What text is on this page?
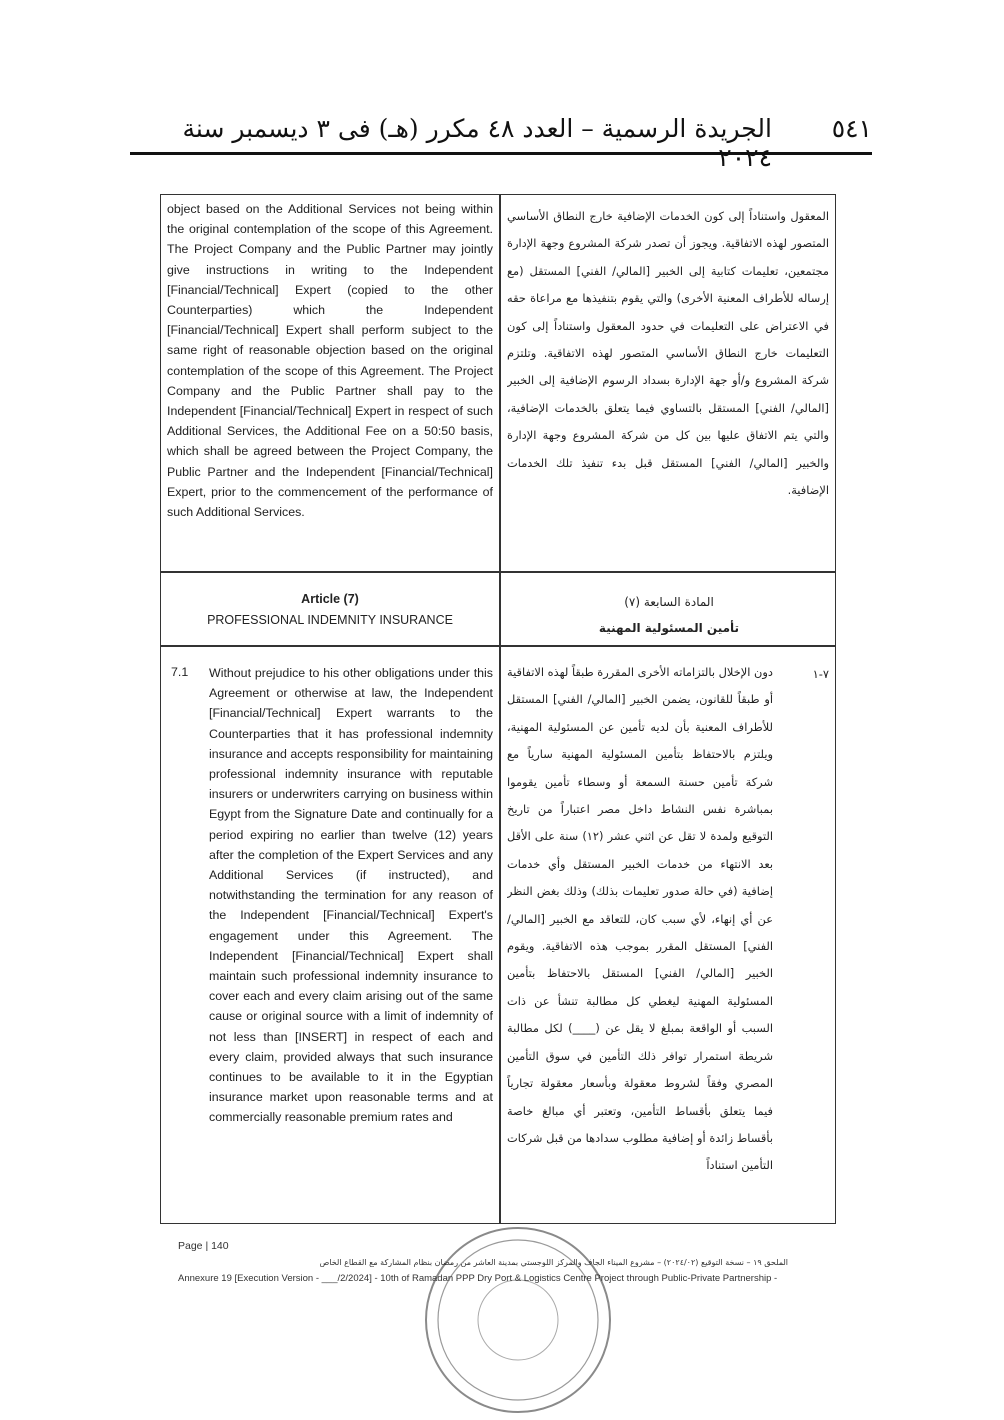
الجريدة الرسمية – العدد ٤٨ مكرر (هـ) فى ٣ ديسمبر سنة ٢٠٢٤
٥٤١
object based on the Additional Services not being within the original contemplation of the scope of this Agreement. The Project Company and the Public Partner may jointly give instructions in writing to the Independent [Financial/Technical] Expert (copied to the other Counterparties) which the Independent [Financial/Technical] Expert shall perform subject to the same right of reasonable objection based on the original contemplation of the scope of this Agreement. The Project Company and the Public Partner shall pay to the Independent [Financial/Technical] Expert in respect of such Additional Services, the Additional Fee on a 50:50 basis, which shall be agreed between the Project Company, the Public Partner and the Independent [Financial/Technical] Expert, prior to the commencement of the performance of such Additional Services.
المعقول واستناداً إلى كون الخدمات الإضافية خارج النطاق الأساسي المتصور لهذه الاتفاقية. ويجوز أن تصدر شركة المشروع وجهة الإدارة مجتمعين، تعليمات كتابية إلى الخبير [المالي/ الفني] المستقل (مع إرساله للأطراف المعنية الأخرى) والتي يقوم بتنفيذها مع مراعاة حقه في الاعتراض على التعليمات في حدود المعقول واستناداً إلى كون التعليمات خارج النطاق الأساسي المتصور لهذه الاتفاقية. وتلتزم شركة المشروع و/أو جهة الإدارة بسداد الرسوم الإضافية إلى الخبير [المالي/ الفني] المستقل بالتساوي فيما يتعلق بالخدمات الإضافية، والتي يتم الاتفاق عليها بين كل من شركة المشروع وجهة الإدارة والخبير [المالي/ الفني] المستقل قبل بدء تنفيذ تلك الخدمات الإضافية.
Article (7)
PROFESSIONAL INDEMNITY INSURANCE
المادة السابعة (٧)
تأمين المسئولية المهنية
7.1	Without prejudice to his other obligations under this Agreement or otherwise at law, the Independent [Financial/Technical] Expert warrants to the Counterparties that it has professional indemnity insurance and accepts responsibility for maintaining professional indemnity insurance with reputable insurers or underwriters carrying on business within Egypt from the Signature Date and continually for a period expiring no earlier than twelve (12) years after the completion of the Expert Services and any Additional Services (if instructed), and notwithstanding the termination for any reason of the Independent [Financial/Technical] Expert's engagement under this Agreement. The Independent [Financial/Technical] Expert shall maintain such professional indemnity insurance to cover each and every claim arising out of the same cause or original source with a limit of indemnity of not less than [INSERT] in respect of each and every claim, provided always that such insurance continues to be available to it in the Egyptian insurance market upon reasonable terms and at commercially reasonable premium rates and
٧-١
دون الإخلال بالتزاماته الأخرى المقررة طبقاً لهذه الاتفاقية أو طبقاً للقانون، يضمن الخبير [المالي/ الفني] المستقل للأطراف المعنية بأن لديه تأمين عن المسئولية المهنية، ويلتزم بالاحتفاظ بتأمين المسئولية المهنية سارياً مع شركة تأمين حسنة السمعة أو وسطاء تأمين يقوموا بمباشرة نفس النشاط داخل مصر اعتباراً من تاريخ التوقيع ولمدة لا تقل عن اثني عشر (١٢) سنة على الأقل بعد الانتهاء من خدمات الخبير المستقل وأي خدمات إضافية (في حالة صدور تعليمات بذلك) وذلك بغض النظر عن أي إنهاء، لأي سبب كان، للتعاقد مع الخبير [المالي/ الفني] المستقل المقرر بموجب هذه الاتفاقية. ويقوم الخبير [المالي/ الفني] المستقل بالاحتفاظ بتأمين المسئولية المهنية ليغطي كل مطالبة تنشأ عن ذات السبب أو الواقعة بمبلغ لا يقل عن (____) لكل مطالبة شريطة استمرار توافر ذلك التأمين في سوق التأمين المصري وفقاً لشروط معقولة وبأسعار معقولة تجارياً فيما يتعلق بأقساط التأمين، وتعتبر أي مبالغ خاصة بأقساط زائدة أو إضافية مطلوب سدادها من قبل شركات التأمين استناداً
Page | 140
الملحق ١٩ – نسخة التوقيع (٢٠٢٤/٠٢) – مشروع الميناء الجاف والمركز اللوجستي بمدينة العاشر من رمضان بنظام المشاركة مع القطاع الخاص
Annexure 19 [Execution Version - ___/2/2024] - 10th of Ramadan PPP Dry Port & Logistics Centre Project through Public-Private Partnership -
